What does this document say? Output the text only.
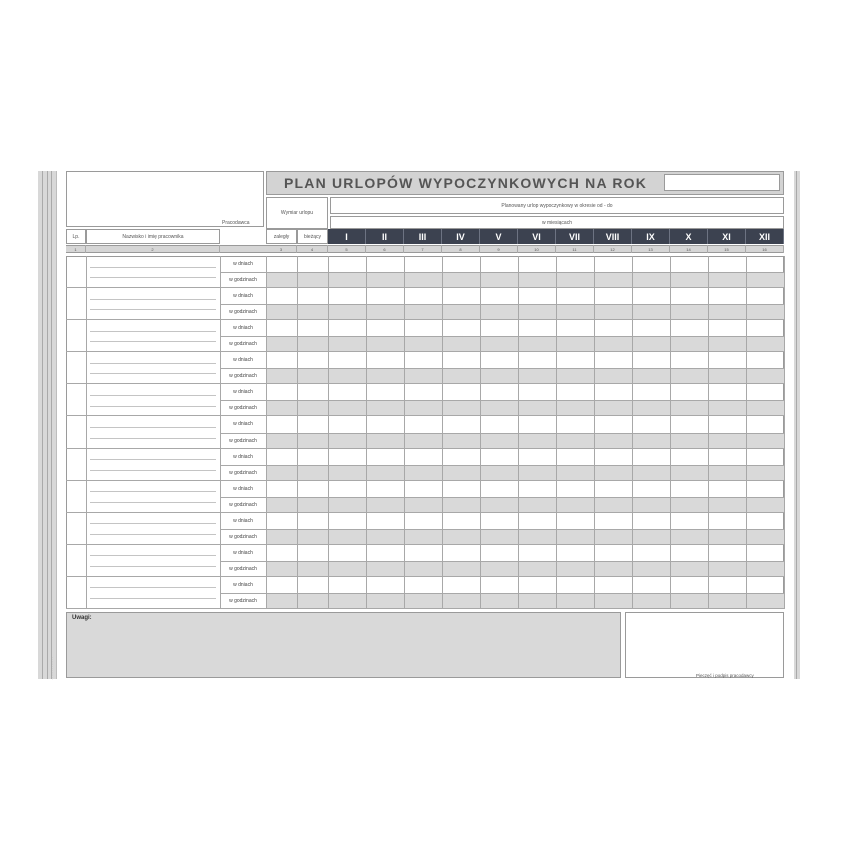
· · · · · · · · · · · · ·
Pracodawca
PLAN URLOPÓW WYPOCZYNKOWYCH NA ROK
Wymiar urlopu
Planowany urlop wypoczynkowy w okresie od - do
w miesiącach
Lp.	Nazwisko i imię pracownika	zaległy	bieżący	I	II	III	IV	V	VI	VII	VIII	IX	X	XI	XII
1	2	3	4	5	6	7	8	9	10	11	12	13	14	15	16
w dniach
w godzinach
w dniach
w godzinach
w dniach
w godzinach
w dniach
w godzinach
w dniach
w godzinach
w dniach
w godzinach
w dniach
w godzinach
w dniach
w godzinach
w dniach
w godzinach
w dniach
w godzinach
w dniach
w godzinach
Uwagi:
Pieczęć i podpis pracodawcy
